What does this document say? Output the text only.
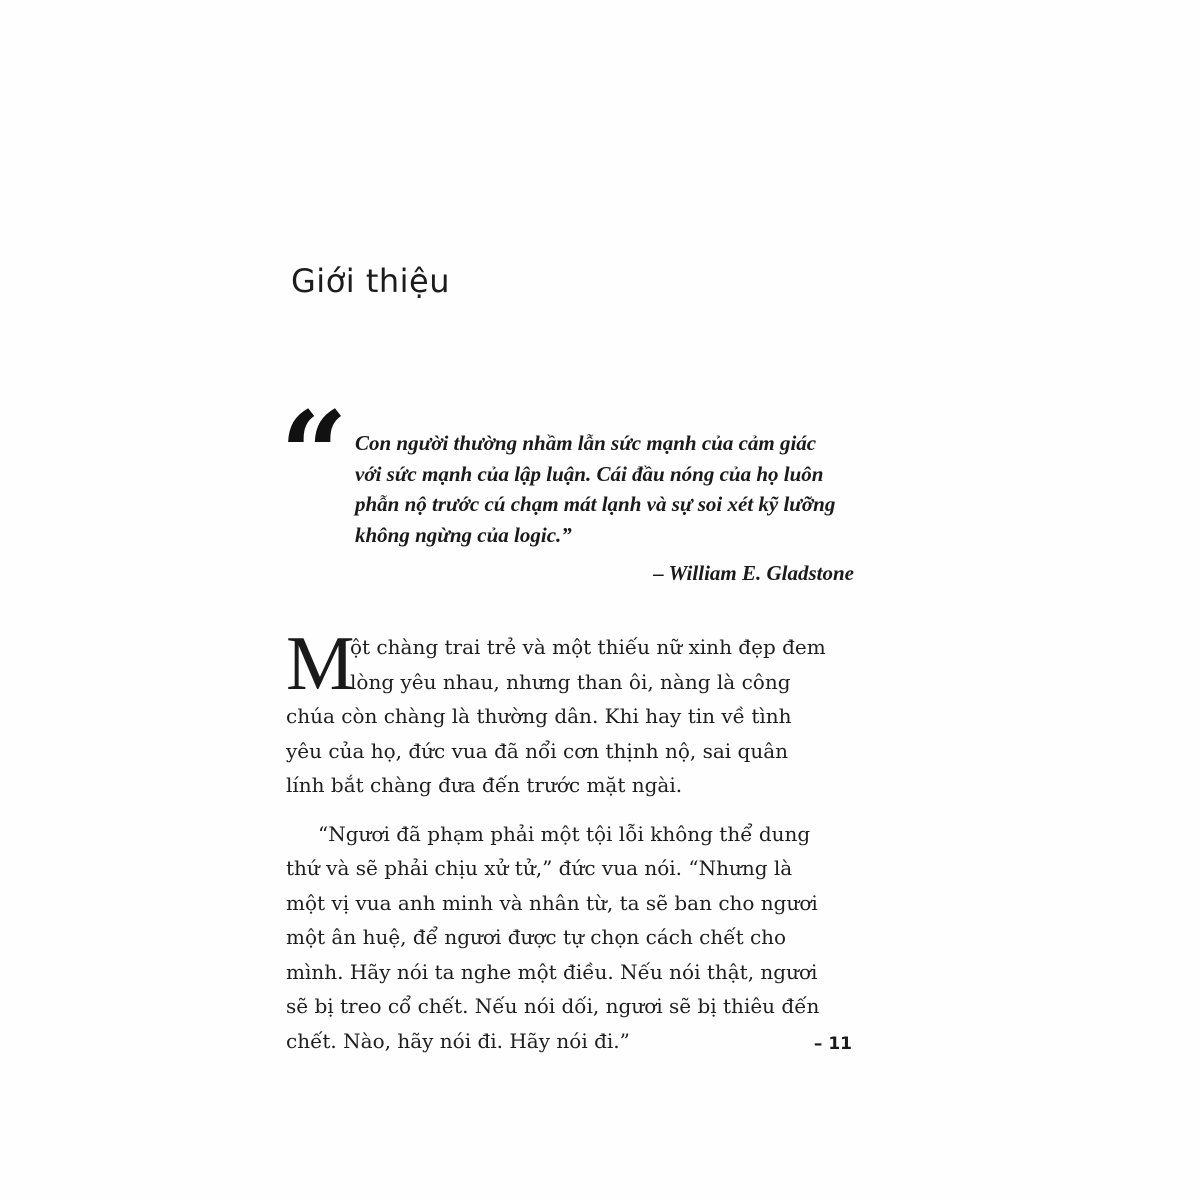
Giới thiệu
“ Con người thường nhầm lẫn sức mạnh của cảm giác
với sức mạnh của lập luận. Cái đầu nóng của họ luôn
phẫn nộ trước cú chạm mát lạnh và sự soi xét kỹ lưỡng
không ngừng của logic.”
– William E. Gladstone
M
ột chàng trai trẻ và một thiếu nữ xinh đẹp đem
lòng yêu nhau, nhưng than ôi, nàng là công
chúa còn chàng là thường dân. Khi hay tin về tình
yêu của họ, đức vua đã nổi cơn thịnh nộ, sai quân
lính bắt chàng đưa đến trước mặt ngài.
“Ngươi đã phạm phải một tội lỗi không thể dung
thứ và sẽ phải chịu xử tử,” đức vua nói. “Nhưng là
một vị vua anh minh và nhân từ, ta sẽ ban cho ngươi
một ân huệ, để ngươi được tự chọn cách chết cho
mình. Hãy nói ta nghe một điều. Nếu nói thật, ngươi
sẽ bị treo cổ chết. Nếu nói dối, ngươi sẽ bị thiêu đến
chết. Nào, hãy nói đi. Hãy nói đi.”	– 11
